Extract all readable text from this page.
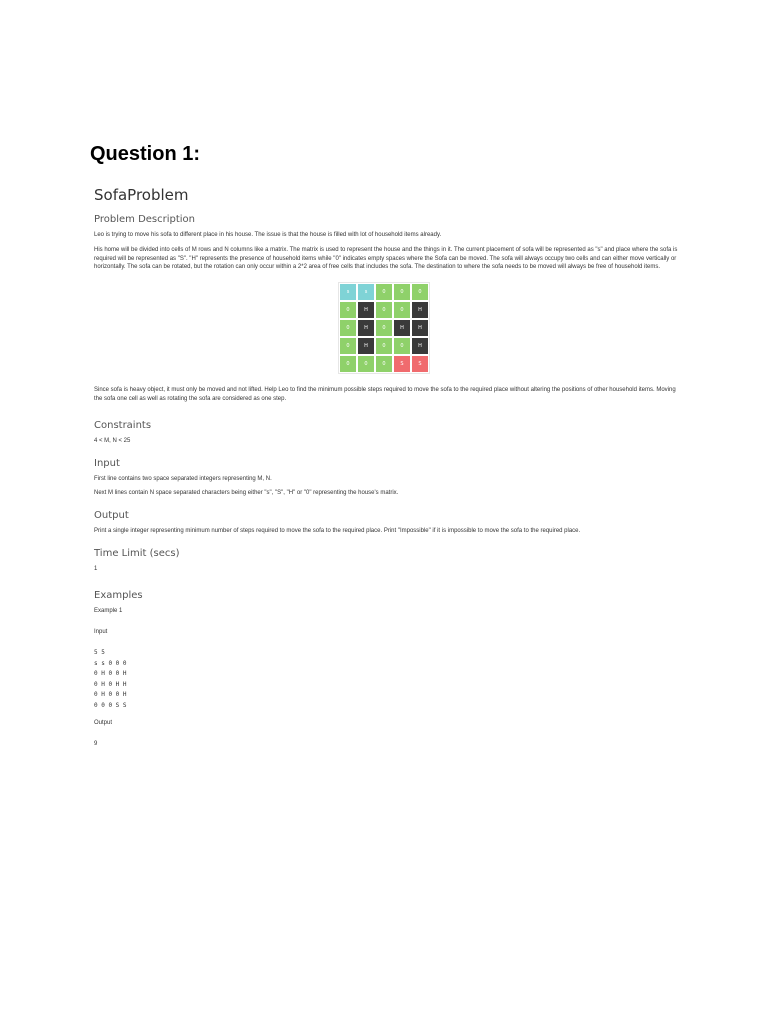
Question 1:
SofaProblem
Problem Description
Leo is trying to move his sofa to different place in his house. The issue is that the house is filled with lot of household items already.
His home will be divided into cells of M rows and N columns like a matrix. The matrix is used to represent the house and the things in it. The current placement of sofa will be represented as "s" and place where the sofa is required will be represented as "S". "H" represents the presence of household items while "0" indicates empty spaces where the Sofa can be moved. The sofa will always occupy two cells and can either move vertically or horizontally. The sofa can be rotated, but the rotation can only occur within a 2*2 area of free cells that includes the sofa. The destination to where the sofa needs to be moved will always be free of household items.
s	s	0	0	0
0	H	0	0	H
0	H	0	H	H
0	H	0	0	H
0	0	0	S	S
Since sofa is heavy object, it must only be moved and not lifted. Help Leo to find the minimum possible steps required to move the sofa to the required place without altering the positions of other household items. Moving the sofa one cell as well as rotating the sofa are considered as one step.
Constraints
4 < M, N < 25
Input
First line contains two space separated integers representing M, N.
Next M lines contain N space separated characters being either "s", "S", "H" or "0" representing the house's matrix.
Output
Print a single integer representing minimum number of steps required to move the sofa to the required place. Print "Impossible" if it is impossible to move the sofa to the required place.
Time Limit (secs)
1
Examples
Example 1
Input
5 5
s s 0 0 0
0 H 0 0 H
0 H 0 H H
0 H 0 0 H
0 0 0 S S
Output
9
